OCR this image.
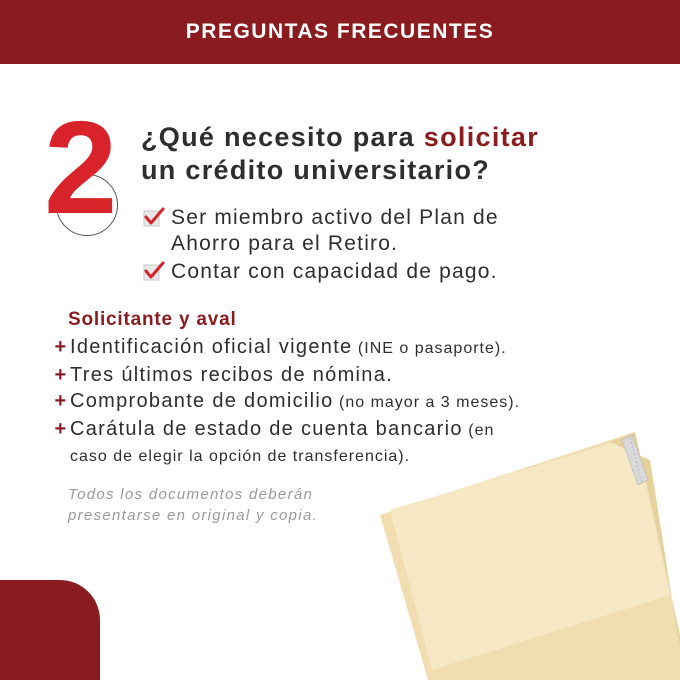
PREGUNTAS FRECUENTES
2 ¿Qué necesito para solicitar
un crédito universitario?
Ser miembro activo del Plan de
Ahorro para el Retiro.
Contar con capacidad de pago.
Solicitante y aval
+ Identificación oficial vigente (INE o pasaporte).
+ Tres últimos recibos de nómina.
+ Comprobante de domicilio (no mayor a 3 meses).
+ Carátula de estado de cuenta bancario (en
caso de elegir la opción de transferencia).
Todos los documentos deberán
presentarse en original y copia.
